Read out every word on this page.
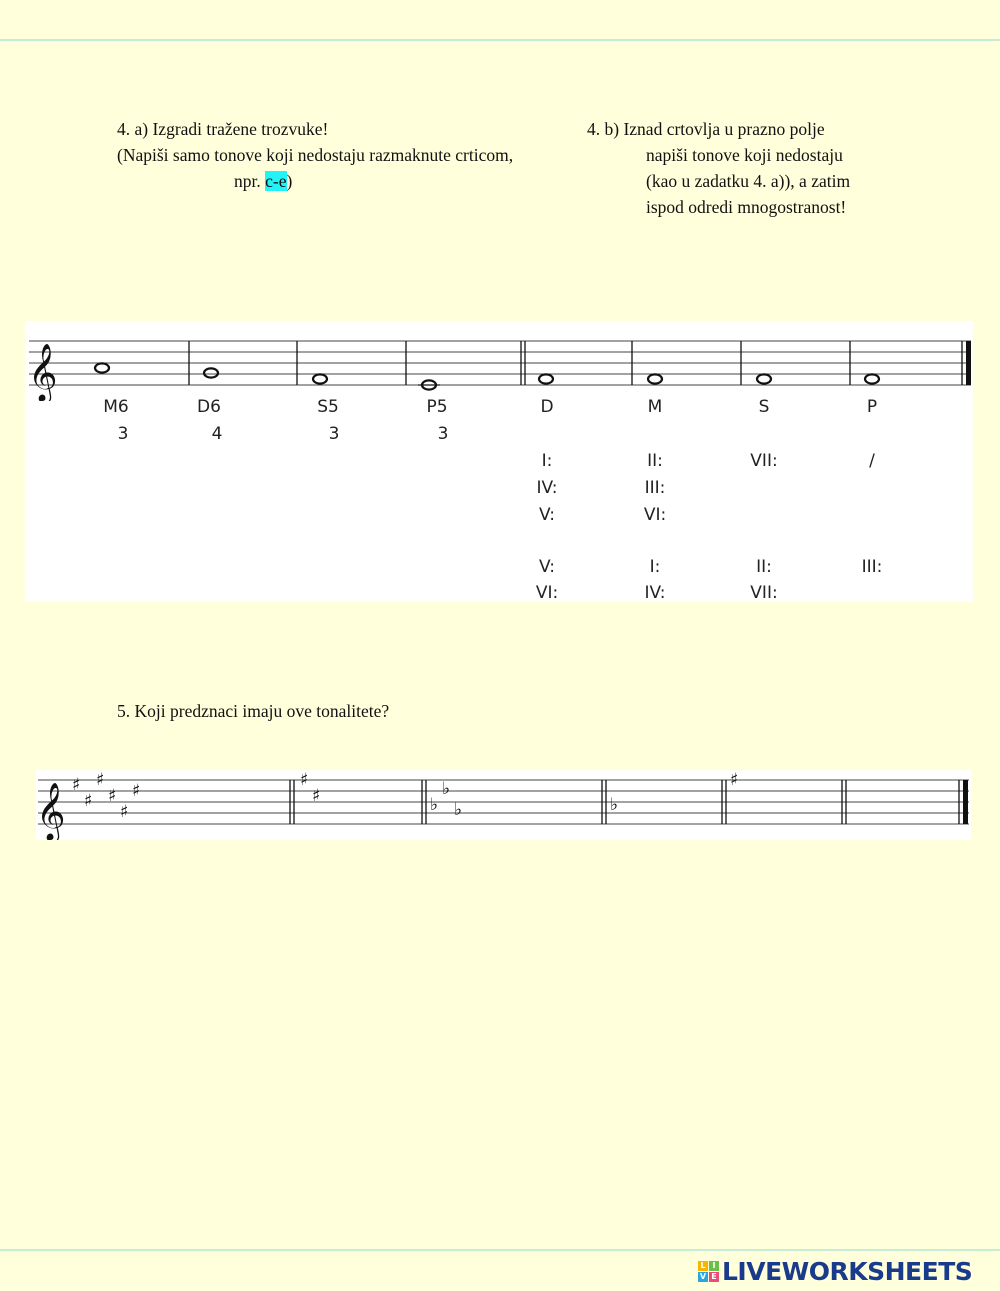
4. a) Izgradi tražene trozvuke!
(Napiši samo tonove koji nedostaju razmaknute crticom,
npr. c-e)
4. b) Iznad crtovlja u prazno polje
napiši tonove koji nedostaju
(kao u zadatku 4. a)), a zatim
ispod odredi mnogostranost!
𝄞
M6	D6	S5	P5	D	M	S	P
3	4	3	3
I:	II:	VII:	/
IV:	III:
V:	VI:
V:	I:	II:	III:
VI:	IV:	VII:
5. Koji predznaci imaju ove tonalitete?
𝄞 ♯
♯
♯
♯
♯
♯
♯
♯	♭
♭
♭	♭
♯
L I
V E LIVEWORKSHEETS
